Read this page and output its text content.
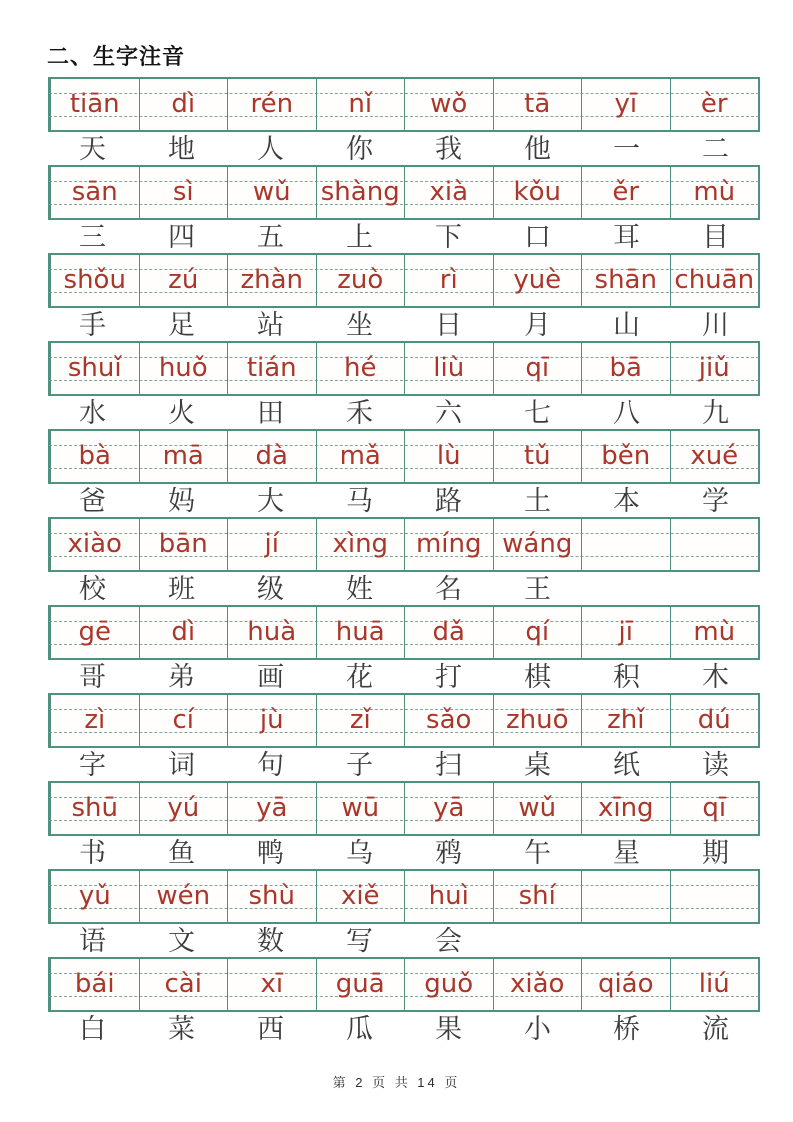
二、生字注音
tiān dì rén nǐ wǒ tā yī èr
天 地 人 你 我 他 一 二
sān sì wǔ shàng xià kǒu ěr mù
三 四 五 上 下 口 耳 目
shǒu zú zhàn zuò rì yuè shān chuān
手 足 站 坐 日 月 山 川
shuǐ huǒ tián hé liù qī bā jiǔ
水 火 田 禾 六 七 八 九
bà mā dà mǎ lù tǔ běn xué
爸 妈 大 马 路 土 本 学
xiào bān jí xìng míng wáng
校 班 级 姓 名 王
gē dì huà huā dǎ qí	jī mù
哥 弟 画 花 打 棋 积 木
zì	cí	jù	zǐ sǎo zhuō zhǐ dú
字 词 句 子 扫 桌 纸 读
shū yú yā wū yā wǔ xīng qī
书 鱼 鸭 乌 鸦 午 星 期
yǔ wén shù xiě huì shí
语 文 数 写 会
bái cài xī guā guǒ xiǎo qiáo liú
白 菜 西 瓜 果 小 桥 流
第 2 页 共 14 页
